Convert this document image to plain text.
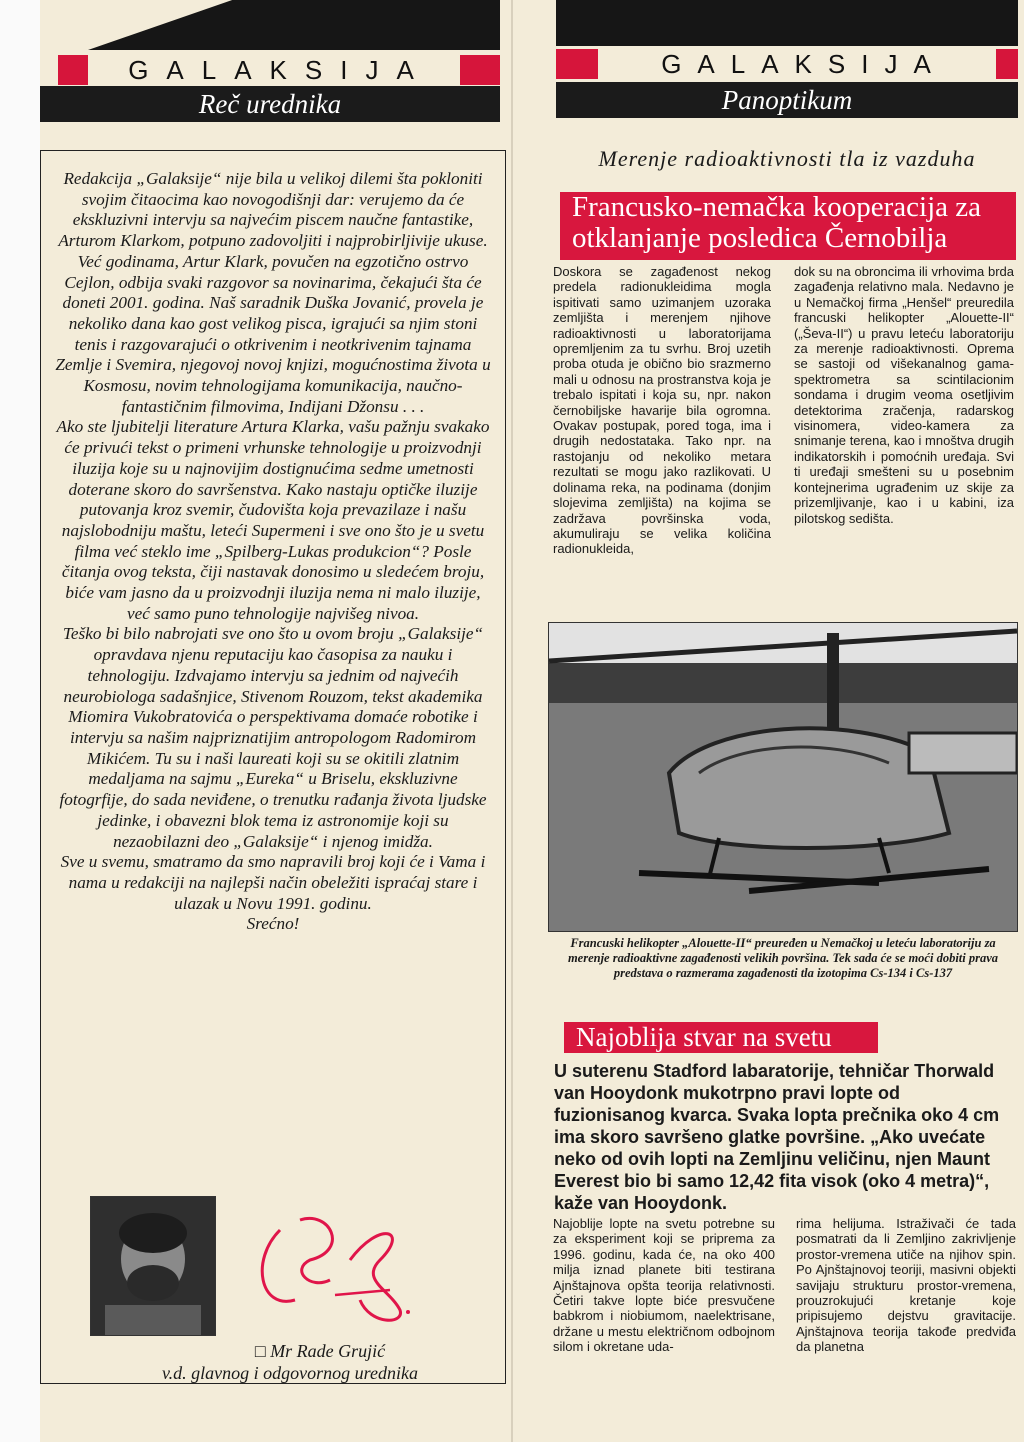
GALAKSIJA
Reč urednika

Redakcija „Galaksije“ nije bila u velikoj dilemi šta pokloniti svojim čitaocima kao novogodišnji dar: verujemo da će ekskluzivni intervju sa najvećim piscem naučne fantastike, Arturom Klarkom, potpuno zadovoljiti i najprobirljivije ukuse. Već godinama, Artur Klark, povučen na egzotično ostrvo Cejlon, odbija svaki razgovor sa novinarima, čekajući šta će doneti 2001. godina. Naš saradnik Duška Jovanić, provela je nekoliko dana kao gost velikog pisca, igrajući sa njim stoni tenis i razgovarajući o otkrivenim i neotkrivenim tajnama Zemlje i Svemira, njegovoj novoj knjizi, mogućnostima života u Kosmosu, novim tehnologijama komunikacija, naučno-fantastičnim filmovima, Indijani Džonsu . . .

Ako ste ljubitelji literature Artura Klarka, vašu pažnju svakako će privući tekst o primeni vrhunske tehnologije u proizvodnji iluzija koje su u najnovijim dostignućima sedme umetnosti doterane skoro do savršenstva. Kako nastaju optičke iluzije putovanja kroz svemir, čudovišta koja prevazilaze i našu najslobodniju maštu, leteći Supermeni i sve ono što je u svetu filma već steklo ime „Spilberg-Lukas produkcion“? Posle čitanja ovog teksta, čiji nastavak donosimo u sledećem broju, biće vam jasno da u proizvodnji iluzija nema ni malo iluzije, već samo puno tehnologije najvišeg nivoa.

Teško bi bilo nabrojati sve ono što u ovom broju „Galaksije“ opravdava njenu reputaciju kao časopisa za nauku i tehnologiju. Izdvajamo intervju sa jednim od najvećih neurobiologa sadašnjice, Stivenom Rouzom, tekst akademika Miomira Vukobratovića o perspektivama domaće robotike i intervju sa našim najpriznatijim antropologom Radomirom Mikićem. Tu su i naši laureati koji su se okitili zlatnim medaljama na sajmu „Eureka“ u Briselu, ekskluzivne fotogrfije, do sada neviđene, o trenutku rađanja života ljudske jedinke, i obavezni blok tema iz astronomije koji su nezaobilazni deo „Galaksije“ i njenog imidža.

Sve u svemu, smatramo da smo napravili broj koji će i Vama i nama u redakciji na najlepši način obeležiti ispraćaj stare i ulazak u Novu 1991. godinu.

Srećno!

□ Mr Rade Grujić
v.d. glavnog i odgovornog urednika
GALAKSIJA
Panoptikum
Merenje radioaktivnosti tla iz vazduha
Francusko-nemačka kooperacija za
otklanjanje posledica Černobilja
Doskora se zagađenost nekog predela radionukleidima mogla ispitivati samo uzimanjem uzoraka zemljišta i merenjem njihove radioaktivnosti u laboratorijama opremljenim za tu svrhu. Broj uzetih proba otuda je obično bio srazmerno mali u odnosu na prostranstva koja je trebalo ispitati i koja su, npr. nakon černobiljske havarije bila ogromna. Ovakav postupak, pored toga, ima i drugih nedostataka. Tako npr. na rastojanju od nekoliko metara rezultati se mogu jako razlikovati. U dolinama reka, na podinama (donjim slojevima zemljišta) na kojima se zadržava površinska voda, akumuliraju se velika količina radionukleida,
dok su na obroncima ili vrhovima brda zagađenja relativno mala. Nedavno je u Nemačkoj firma „Henšel“ preuredila francuski helikopter „Alouette-II“ („Ševa-II“) u pravu leteću laboratoriju za merenje radioaktivnosti. Oprema se sastoji od višekanalnog gama-spektrometra sa scintilacionim sondama i drugim veoma osetljivim detektorima zračenja, radarskog visinomera, video-kamera za snimanje terena, kao i mnoštva drugih indikatorskih i pomoćnih uređaja. Svi ti uređaji smešteni su u posebnim kontejnerima ugrađenim uz skije za prizemljivanje, kao i u kabini, iza pilotskog sedišta.
Francuski helikopter „Alouette-II“ preuređen u Nemačkoj u leteću laboratoriju za merenje radioaktivne zagađenosti velikih površina. Tek sada će se moći dobiti prava predstava o razmerama zagađenosti tla izotopima Cs-134 i Cs-137
Najoblija stvar na svetu
U suterenu Stadford labaratorije, tehničar Thorwald van Hooydonk mukotrpno pravi lopte od fuzionisanog kvarca. Svaka lopta prečnika oko 4 cm ima skoro savršeno glatke površine. „Ako uvećate neko od ovih lopti na Zemljinu veličinu, njen Maunt Everest bio bi samo 12,42 fita visok (oko 4 metra)“, kaže van Hooydonk.
Najoblije lopte na svetu potrebne su za eksperiment koji se priprema za 1996. godinu, kada će, na oko 400 milja iznad planete biti testirana Ajnštajnova opšta teorija relativnosti. Četiri takve lopte biće presvučene babkrom i niobiumom, naelektrisane, držane u mestu električnom odbojnom silom i okretane uda-
rima helijuma. Istraživači će tada posmatrati da li Zemljino zakrivljenje prostor-vremena utiče na njihov spin. Po Ajnštajnovoj teoriji, masivni objekti savijaju strukturu prostor-vremena, prouzrokujući kretanje koje pripisujemo dejstvu gravitacije. Ajnštajnova teorija takođe predviđa da planetna
